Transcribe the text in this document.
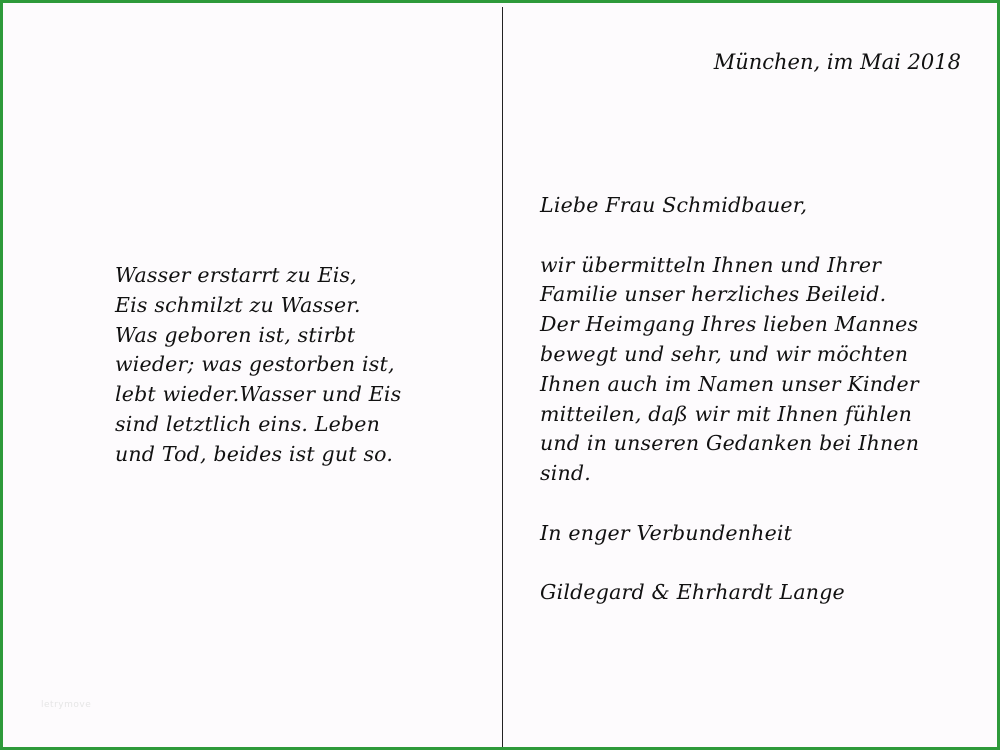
Wasser erstarrt zu Eis,
Eis schmilzt zu Wasser.
Was geboren ist, stirbt
wieder; was gestorben ist,
lebt wieder.Wasser und Eis
sind letztlich eins. Leben
und Tod, beides ist gut so.

München, im Mai 2018

Liebe Frau Schmidbauer,
wir übermitteln Ihnen und Ihrer
Familie unser herzliches Beileid.
Der Heimgang Ihres lieben Mannes
bewegt und sehr, und wir möchten
Ihnen auch im Namen unser Kinder
mitteilen, daß wir mit Ihnen fühlen
und in unseren Gedanken bei Ihnen
sind.
In enger Verbundenheit
Gildegard & Ehrhardt Lange
letrymove
